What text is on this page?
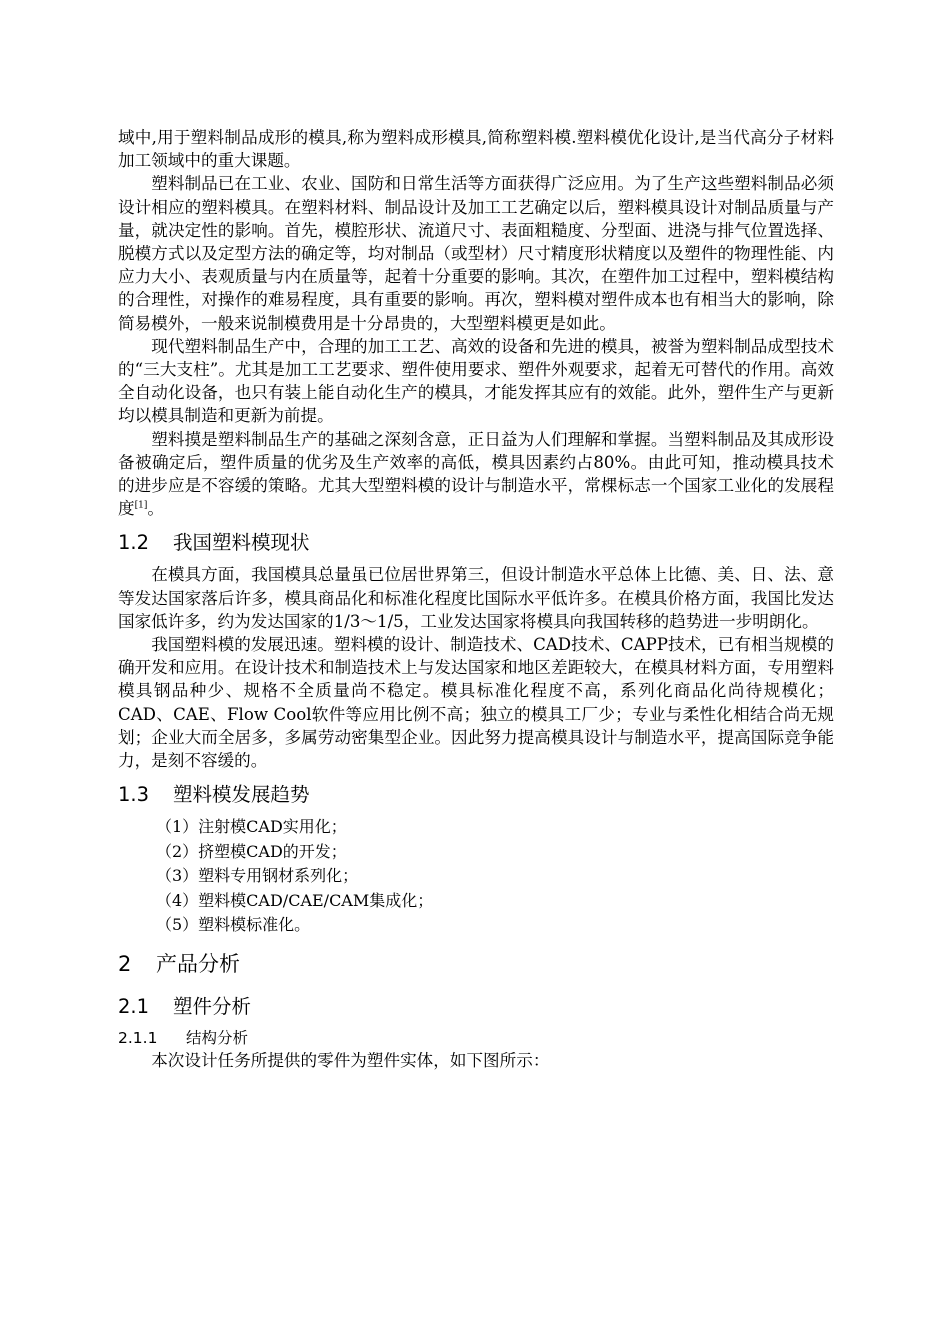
域中,用于塑料制品成形的模具,称为塑料成形模具,简称塑料模.塑料模优化设计,是当代高分子材料加工领域中的重大课题。

塑料制品已在工业、农业、国防和日常生活等方面获得广泛应用。为了生产这些塑料制品必须设计相应的塑料模具。在塑料材料、制品设计及加工工艺确定以后，塑料模具设计对制品质量与产量，就决定性的影响。首先，模腔形状、流道尺寸、表面粗糙度、分型面、进浇与排气位置选择、脱模方式以及定型方法的确定等，均对制品（或型材）尺寸精度形状精度以及塑件的物理性能、内应力大小、表观质量与内在质量等，起着十分重要的影响。其次，在塑件加工过程中，塑料模结构的合理性，对操作的难易程度，具有重要的影响。再次，塑料模对塑件成本也有相当大的影响，除简易模外，一般来说制模费用是十分昂贵的，大型塑料模更是如此。

现代塑料制品生产中，合理的加工工艺、高效的设备和先进的模具，被誉为塑料制品成型技术的“三大支柱”。尤其是加工工艺要求、塑件使用要求、塑件外观要求，起着无可替代的作用。高效全自动化设备，也只有装上能自动化生产的模具，才能发挥其应有的效能。此外，塑件生产与更新均以模具制造和更新为前提。

塑料摸是塑料制品生产的基础之深刻含意，正日益为人们理解和掌握。当塑料制品及其成形设备被确定后，塑件质量的优劣及生产效率的高低，模具因素约占80%。由此可知，推动模具技术的进步应是不容缓的策略。尤其大型塑料模的设计与制造水平，常棵标志一个国家工业化的发展程度[1]。

1.2 我国塑料模现状

在模具方面，我国模具总量虽已位居世界第三，但设计制造水平总体上比德、美、日、法、意等发达国家落后许多，模具商品化和标准化程度比国际水平低许多。在模具价格方面，我国比发达国家低许多，约为发达国家的1/3～1/5，工业发达国家将模具向我国转移的趋势进一步明朗化。

我国塑料模的发展迅速。塑料模的设计、制造技术、CAD技术、CAPP技术，已有相当规模的确开发和应用。在设计技术和制造技术上与发达国家和地区差距较大，在模具材料方面，专用塑料模具钢品种少、规格不全质量尚不稳定。模具标准化程度不高，系列化商品化尚待规模化；CAD、CAE、Flow Cool软件等应用比例不高；独立的模具工厂少；专业与柔性化相结合尚无规划；企业大而全居多，多属劳动密集型企业。因此努力提高模具设计与制造水平，提高国际竞争能力，是刻不容缓的。

1.3 塑料模发展趋势
（1）注射模CAD实用化；
（2）挤塑模CAD的开发；
（3）塑料专用钢材系列化；
（4）塑料模CAD/CAE/CAM集成化；
（5）塑料模标准化。
2 产品分析
2.1 塑件分析
2.1.1 结构分析

本次设计任务所提供的零件为塑件实体，如下图所示：
